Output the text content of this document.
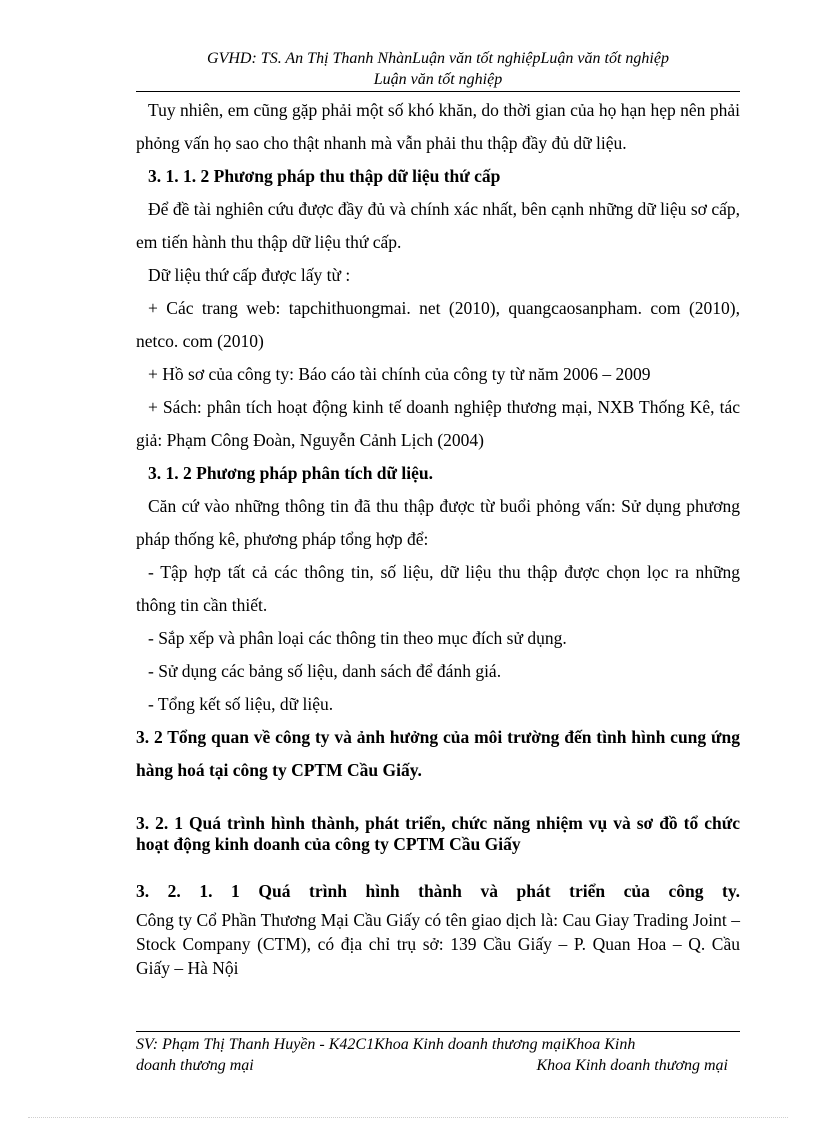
GVHD: TS. An Thị Thanh NhànLuận văn tốt nghiệpLuận văn tốt nghiệp
Luận văn tốt nghiệp

Tuy nhiên, em cũng gặp phải một số khó khăn, do thời gian của họ hạn hẹp nên phải phỏng vấn họ sao cho thật nhanh mà vẫn phải thu thập đầy đủ dữ liệu.

3. 1. 1. 2 Phương pháp thu thập dữ liệu thứ cấp

Để đề tài nghiên cứu được đầy đủ và chính xác nhất, bên cạnh những dữ liệu sơ cấp, em tiến hành thu thập dữ liệu thứ cấp.

Dữ liệu thứ cấp được lấy từ :

+ Các trang web: tapchithuongmai. net (2010), quangcaosanpham. com (2010), netco. com (2010)

+ Hồ sơ của công ty: Báo cáo tài chính của công ty từ năm 2006 – 2009

+ Sách: phân tích hoạt động kinh tế doanh nghiệp thương mại, NXB Thống Kê, tác giả: Phạm Công Đoàn, Nguyễn Cảnh Lịch (2004)

3. 1. 2 Phương pháp phân tích dữ liệu.

Căn cứ vào những thông tin đã thu thập được từ buổi phỏng vấn: Sử dụng phương pháp thống kê, phương pháp tổng hợp để:

- Tập hợp tất cả các thông tin, số liệu, dữ liệu thu thập được chọn lọc ra những thông tin cần thiết.

- Sắp xếp và phân loại các thông tin theo mục đích sử dụng.

- Sử dụng các bảng số liệu, danh sách để đánh giá.

- Tổng kết số liệu, dữ liệu.

3. 2 Tổng quan về công ty và ảnh hưởng của môi trường đến tình hình cung ứng hàng hoá tại công ty CPTM Cầu Giấy.

3. 2. 1 Quá trình hình thành, phát triển, chức năng nhiệm vụ và sơ đồ tổ chức hoạt động kinh doanh của công ty CPTM Cầu Giấy

3. 2. 1. 1 Quá trình hình thành và phát triển của công ty.

Công ty Cổ Phần Thương Mại Cầu Giấy có tên giao dịch là: Cau Giay Trading Joint – Stock Company (CTM), có địa chỉ trụ sở: 139 Cầu Giấy – P. Quan Hoa – Q. Cầu Giấy – Hà Nội

SV: Phạm Thị Thanh Huyền - K42C1Khoa Kinh doanh thương mạiKhoa Kinh
doanh thương mại	Khoa Kinh doanh thương mại
